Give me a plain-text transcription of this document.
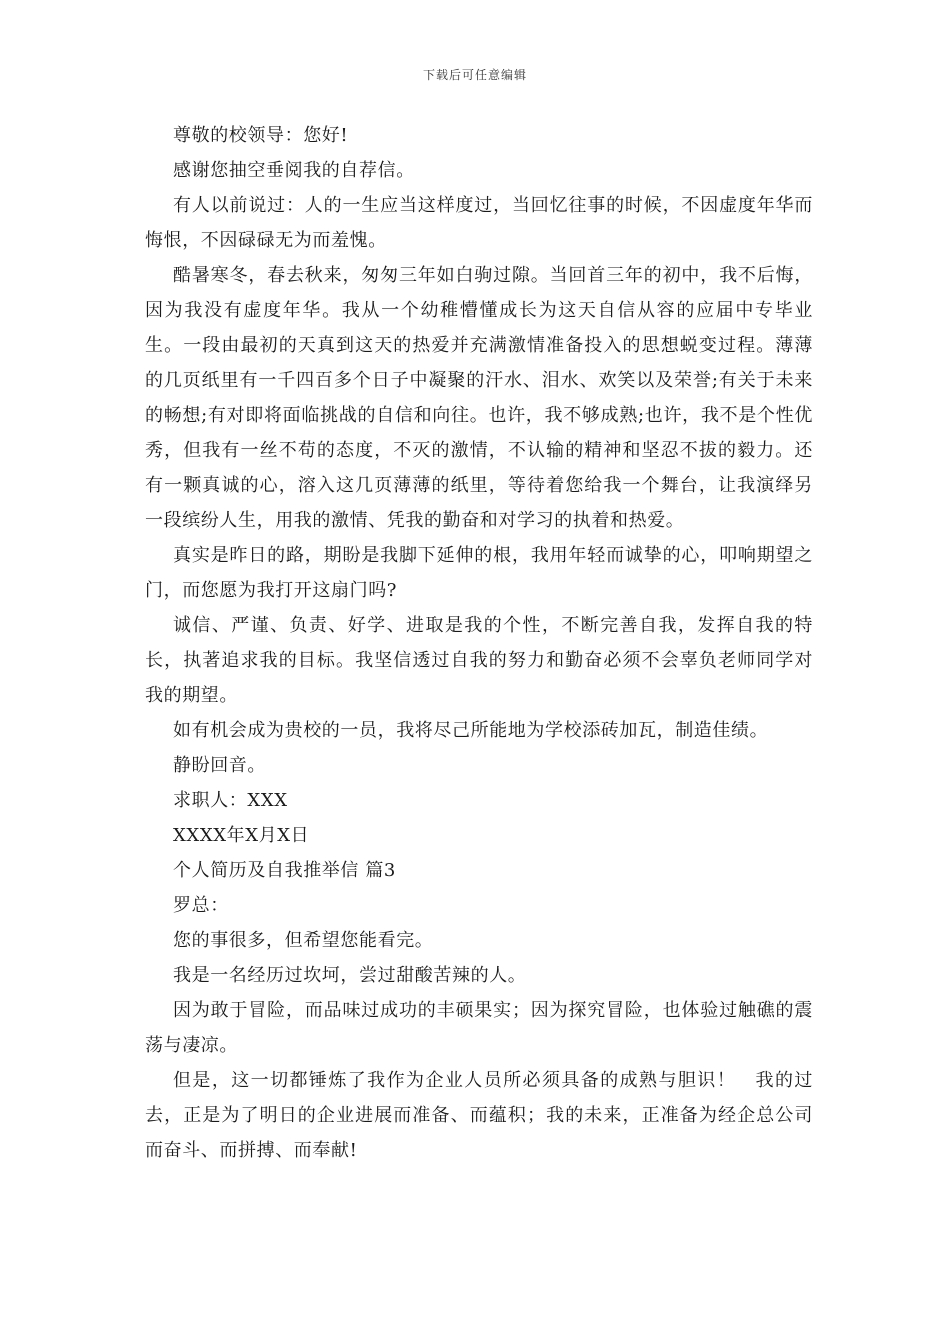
下载后可任意编辑

尊敬的校领导：您好!

感谢您抽空垂阅我的自荐信。

有人以前说过：人的一生应当这样度过，当回忆往事的时候，不因虚度年华而悔恨，不因碌碌无为而羞愧。

酷暑寒冬，春去秋来，匆匆三年如白驹过隙。当回首三年的初中，我不后悔，因为我没有虚度年华。我从一个幼稚懵懂成长为这天自信从容的应届中专毕业生。一段由最初的天真到这天的热爱并充满激情准备投入的思想蜕变过程。薄薄的几页纸里有一千四百多个日子中凝聚的汗水、泪水、欢笑以及荣誉;有关于未来的畅想;有对即将面临挑战的自信和向往。也许，我不够成熟;也许，我不是个性优秀，但我有一丝不苟的态度，不灭的激情，不认输的精神和坚忍不拔的毅力。还有一颗真诚的心，溶入这几页薄薄的纸里，等待着您给我一个舞台，让我演绎另一段缤纷人生，用我的激情、凭我的勤奋和对学习的执着和热爱。

真实是昨日的路，期盼是我脚下延伸的根，我用年轻而诚挚的心，叩响期望之门，而您愿为我打开这扇门吗?

诚信、严谨、负责、好学、进取是我的个性，不断完善自我，发挥自我的特长，执著追求我的目标。我坚信透过自我的努力和勤奋必须不会辜负老师同学对我的期望。

如有机会成为贵校的一员，我将尽己所能地为学校添砖加瓦，制造佳绩。

静盼回音。

求职人：XXX

XXXX年X月X日

个人简历及自我推举信 篇3

罗总：

您的事很多，但希望您能看完。

我是一名经历过坎坷，尝过甜酸苦辣的人。

因为敢于冒险，而品味过成功的丰硕果实；因为探究冒险，也体验过触礁的震荡与凄凉。

但是，这一切都锤炼了我作为企业人员所必须具备的成熟与胆识！　我的过去，正是为了明日的企业进展而准备、而蕴积；我的未来，正准备为经企总公司而奋斗、而拼搏、而奉献!
